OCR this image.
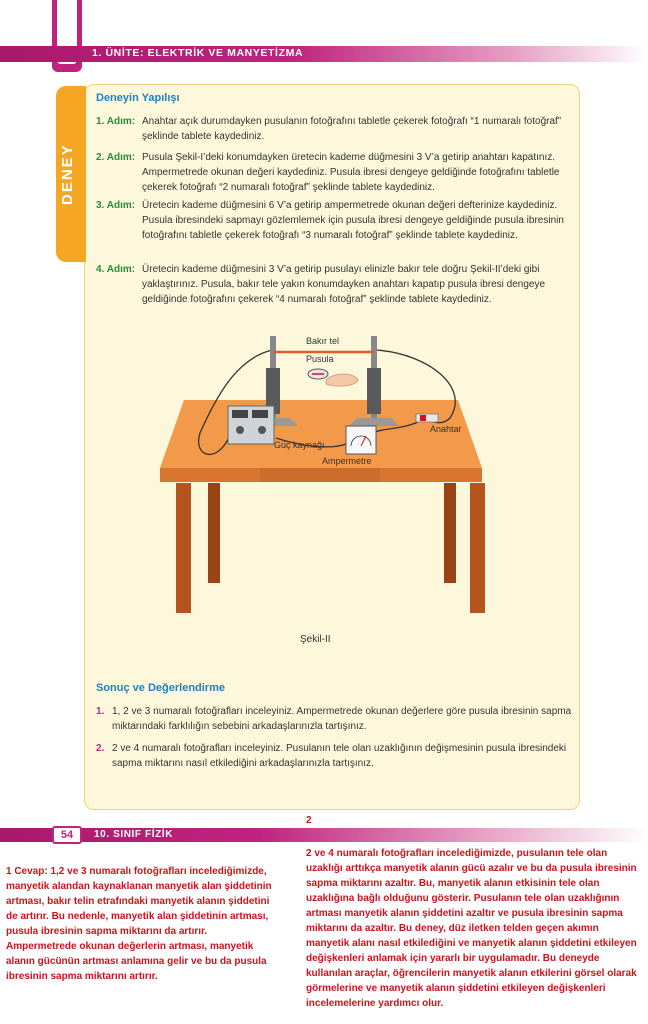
1. ÜNİTE: ELEKTRİK VE MANYETİZMA
DENEY
Deneyin Yapılışı
1. Adım: Anahtar açık durumdayken pusulanın fotoğrafını tabletle çekerek fotoğrafı “1 numaralı fotoğraf” şeklinde tablete kaydediniz.
2. Adım: Pusula Şekil-I’deki konumdayken üretecin kademe düğmesini 3 V’a getirip anahtarı kapatınız. Ampermetrede okunan değeri kaydediniz. Pusula ibresi dengeye geldiğinde fotoğrafını tabletle çekerek fotoğrafı “2 numaralı fotoğraf” şeklinde tablete kaydediniz.
3. Adım: Üretecin kademe düğmesini 6 V’a getirip ampermetrede okunan değeri defterinize kaydediniz. Pusula ibresindeki sapmayı gözlemlemek için pusula ibresi dengeye geldiğinde pusula ibresinin fotoğrafını tabletle çekerek fotoğrafı “3 numaralı fotoğraf” şeklinde tablete kaydediniz.
4. Adım: Üretecin kademe düğmesini 3 V’a getirip pusulayı elinizle bakır tele doğru Şekil-II’deki gibi yaklaştırınız. Pusula, bakır tele yakın konumdayken anahtarı kapatıp pusula ibresi dengeye geldiğinde fotoğrafını çekerek “4 numaralı fotoğraf” şeklinde tablete kaydediniz.
Bakır tel
Pusula
Anahtar
Güç kaynağı
Ampermetre
Şekil-II
Sonuç ve Değerlendirme
1. 1, 2 ve 3 numaralı fotoğrafları inceleyiniz. Ampermetrede okunan değerlere göre pusula ibresinin sapma miktarındaki farklılığın sebebini arkadaşlarınızla tartışınız.
2. 2 ve 4 numaralı fotoğrafları inceleyiniz. Pusulanın tele olan uzaklığının değişmesinin pusula ibresindeki sapma miktarını nasıl etkilediğini arkadaşlarınızla tartışınız.
2
54	10. SINIF FİZİK
1 Cevap: 1,2 ve 3 numaralı fotoğrafları incelediğimizde, manyetik alandan kaynaklanan manyetik alan şiddetinin artması, bakır telin etrafındaki manyetik alanın şiddetini de artırır. Bu nedenle, manyetik alan şiddetinin artması, pusula ibresinin sapma miktarını da artırır. Ampermetrede okunan değerlerin artması, manyetik alanın gücünün artması anlamına gelir ve bu da pusula ibresinin sapma miktarını artırır.
2 ve 4 numaralı fotoğrafları incelediğimizde, pusulanın tele olan uzaklığı arttıkça manyetik alanın gücü azalır ve bu da pusula ibresinin sapma miktarını azaltır. Bu, manyetik alanın etkisinin tele olan uzaklığına bağlı olduğunu gösterir. Pusulanın tele olan uzaklığının artması manyetik alanın şiddetini azaltır ve pusula ibresinin sapma miktarını da azaltır. Bu deney, düz iletken telden geçen akımın manyetik alanı nasıl etkilediğini ve manyetik alanın şiddetini etkileyen değişkenleri anlamak için yararlı bir uygulamadır. Bu deneyde kullanılan araçlar, öğrencilerin manyetik alanın etkilerini görsel olarak görmelerine ve manyetik alanın şiddetini etkileyen değişkenleri incelemelerine yardımcı olur.
